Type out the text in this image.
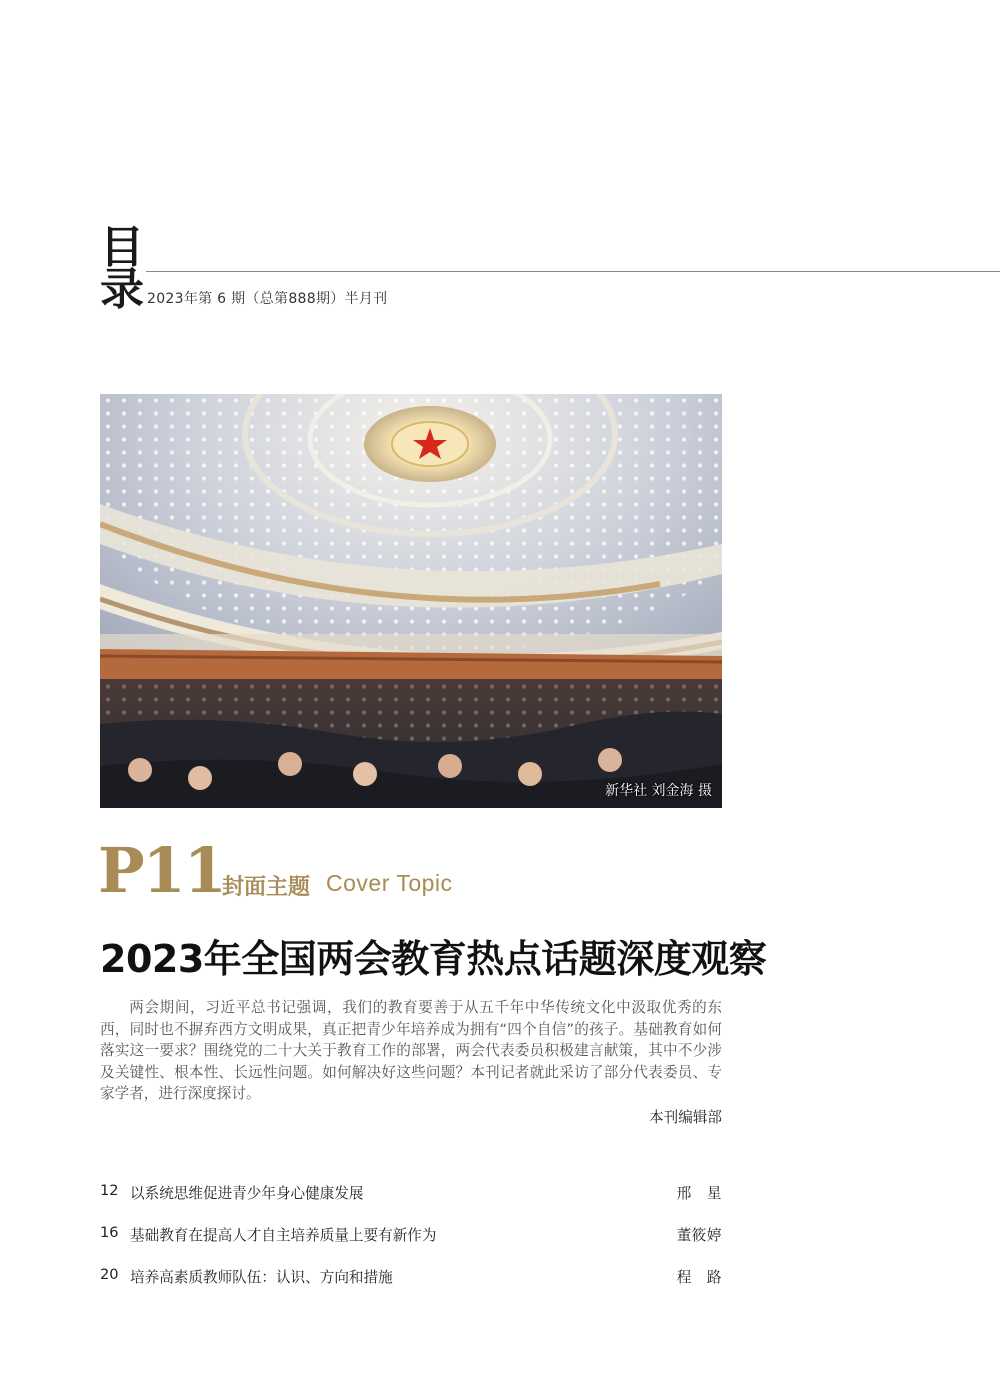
目
录 2023年第 6 期（总第888期）半月刊
新华社 刘金海 摄
P11
封面主题 Cover Topic
2023年全国两会教育热点话题深度观察
两会期间，习近平总书记强调，我们的教育要善于从五千年中华传统文化中汲取优秀的东西，同时也不摒弃西方文明成果，真正把青少年培养成为拥有“四个自信”的孩子。基础教育如何落实这一要求？围绕党的二十大关于教育工作的部署，两会代表委员积极建言献策，其中不少涉及关键性、根本性、长远性问题。如何解决好这些问题？本刊记者就此采访了部分代表委员、专家学者，进行深度探讨。
本刊编辑部
12 以系统思维促进青少年身心健康发展	邢　星
16 基础教育在提高人才自主培养质量上要有新作为	董筱婷
20 培养高素质教师队伍：认识、方向和措施	程　路
